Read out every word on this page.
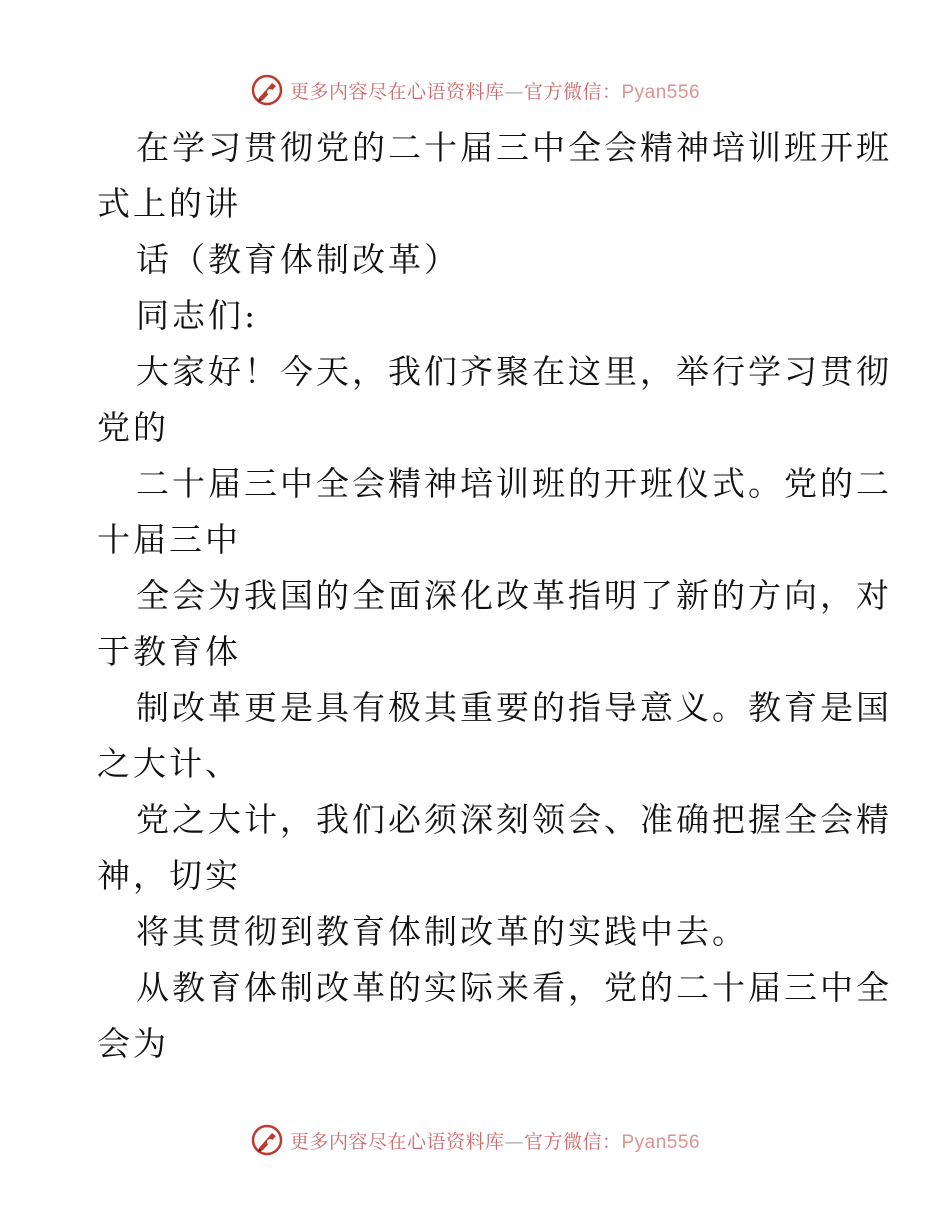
更多内容尽在心语资料库—官方微信：Pyan556
在学习贯彻党的二十届三中全会精神培训班开班
式上的讲
话（教育体制改革）
同志们:
大家好！今天，我们齐聚在这里，举行学习贯彻
党的
二十届三中全会精神培训班的开班仪式。党的二
十届三中
全会为我国的全面深化改革指明了新的方向，对
于教育体
制改革更是具有极其重要的指导意义。教育是国
之大计、
党之大计，我们必须深刻领会、准确把握全会精
神，切实
将其贯彻到教育体制改革的实践中去。
从教育体制改革的实际来看，党的二十届三中全
会为
更多内容尽在心语资料库—官方微信：Pyan556
